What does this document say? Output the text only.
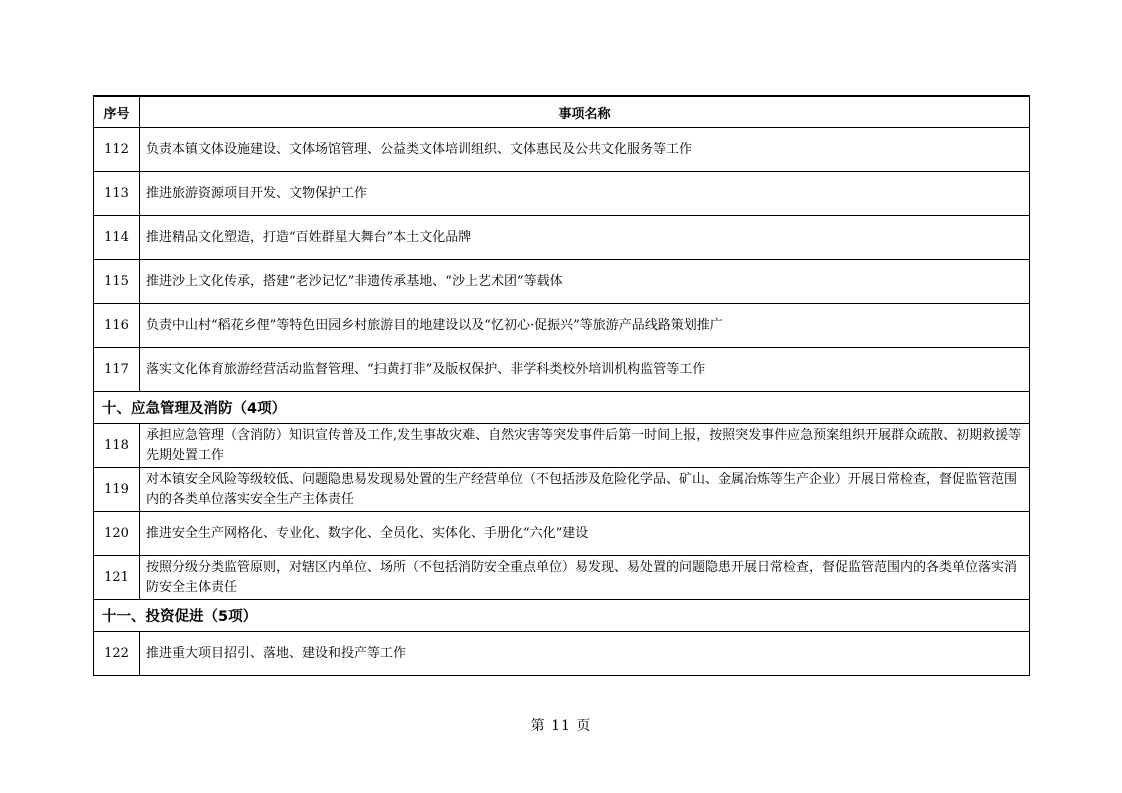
序号	事项名称
112	负责本镇文体设施建设、文体场馆管理、公益类文体培训组织、文体惠民及公共文化服务等工作
113	推进旅游资源项目开发、文物保护工作
114	推进精品文化塑造，打造“百姓群星大舞台”本土文化品牌
115	推进沙上文化传承，搭建“老沙记忆”非遗传承基地、“沙上艺术团”等载体
116	负责中山村“稻花乡俚”等特色田园乡村旅游目的地建设以及“忆初心·促振兴”等旅游产品线路策划推广
117	落实文化体育旅游经营活动监督管理、“扫黄打非”及版权保护、非学科类校外培训机构监管等工作
十、应急管理及消防（4项）	
118	承担应急管理（含消防）知识宣传普及工作,发生事故灾难、自然灾害等突发事件后第一时间上报，按照突发事件应急预案组织开展群众疏散、初期救援等先期处置工作
119	对本镇安全风险等级较低、问题隐患易发现易处置的生产经营单位（不包括涉及危险化学品、矿山、金属冶炼等生产企业）开展日常检查，督促监管范围内的各类单位落实安全生产主体责任
120	推进安全生产网格化、专业化、数字化、全员化、实体化、手册化“六化”建设
121	按照分级分类监管原则，对辖区内单位、场所（不包括消防安全重点单位）易发现、易处置的问题隐患开展日常检查，督促监管范围内的各类单位落实消防安全主体责任
十一、投资促进（5项）	
122	推进重大项目招引、落地、建设和投产等工作
第 11 页
